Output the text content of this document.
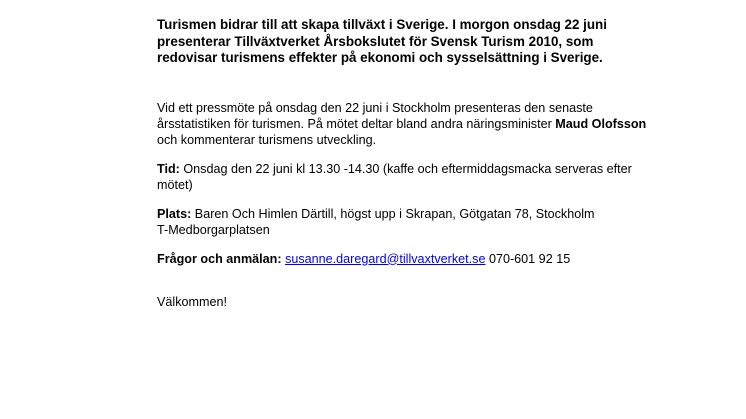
Turismen bidrar till att skapa tillväxt i Sverige. I morgon onsdag 22 juni
presenterar Tillväxtverket Årsbokslutet för Svensk Turism 2010, som
redovisar turismens effekter på ekonomi och sysselsättning i Sverige.

Vid ett pressmöte på onsdag den 22 juni i Stockholm presenteras den senaste
årsstatistiken för turismen. På mötet deltar bland andra näringsminister Maud Olofsson
och kommenterar turismens utveckling.

Tid: Onsdag den 22 juni kl 13.30 -14.30 (kaffe och eftermiddagsmacka serveras efter
mötet)

Plats: Baren Och Himlen Därtill, högst upp i Skrapan, Götgatan 78, Stockholm
T-Medborgarplatsen

Frågor och anmälan: susanne.daregard@tillvaxtverket.se 070-601 92 15

Välkommen!
